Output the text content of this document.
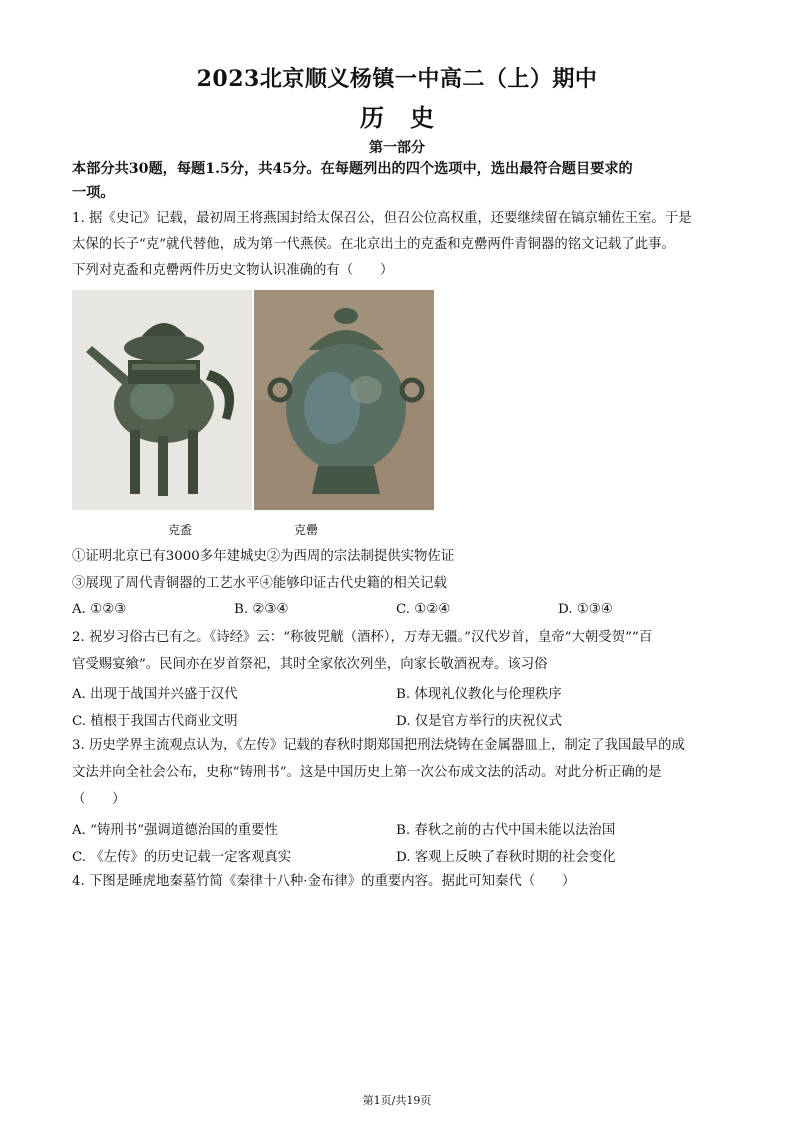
2023北京顺义杨镇一中高二（上）期中
历史
第一部分
本部分共30题，每题1.5分，共45分。在每题列出的四个选项中，选出最符合题目要求的
一项。
1. 据《史记》记载，最初周王将燕国封给太保召公，但召公位高权重，还要继续留在镐京辅佐王室。于是
太保的长子“克”就代替他，成为第一代燕侯。在北京出土的克盉和克罍两件青铜器的铭文记载了此事。
下列对克盉和克罍两件历史文物认识准确的有（　　）
克盉	克罍
①证明北京已有3000多年建城史②为西周的宗法制提供实物佐证
③展现了周代青铜器的工艺水平④能够印证古代史籍的相关记载
A. ①②③	B. ②③④	C. ①②④	D. ①③④
2. 祝岁习俗古已有之。《诗经》云：“称彼兕觥（酒杯），万寿无疆。”汉代岁首，皇帝“大朝受贺”“百
官受赐宴飨”。民间亦在岁首祭祀，其时全家依次列坐，向家长敬酒祝寿。该习俗
A. 出现于战国并兴盛于汉代	B. 体现礼仪教化与伦理秩序
C. 植根于我国古代商业文明	D. 仅是官方举行的庆祝仪式
3. 历史学界主流观点认为，《左传》记载的春秋时期郑国把刑法烧铸在金属器皿上，制定了我国最早的成
文法并向全社会公布，史称“铸刑书”。这是中国历史上第一次公布成文法的活动。对此分析正确的是
（　　）
A. “铸刑书”强调道德治国的重要性	B. 春秋之前的古代中国未能以法治国
C. 《左传》的历史记载一定客观真实	D. 客观上反映了春秋时期的社会变化
4. 下图是睡虎地秦墓竹简《秦律十八种·金布律》的重要内容。据此可知秦代（　　）
第1页/共19页
